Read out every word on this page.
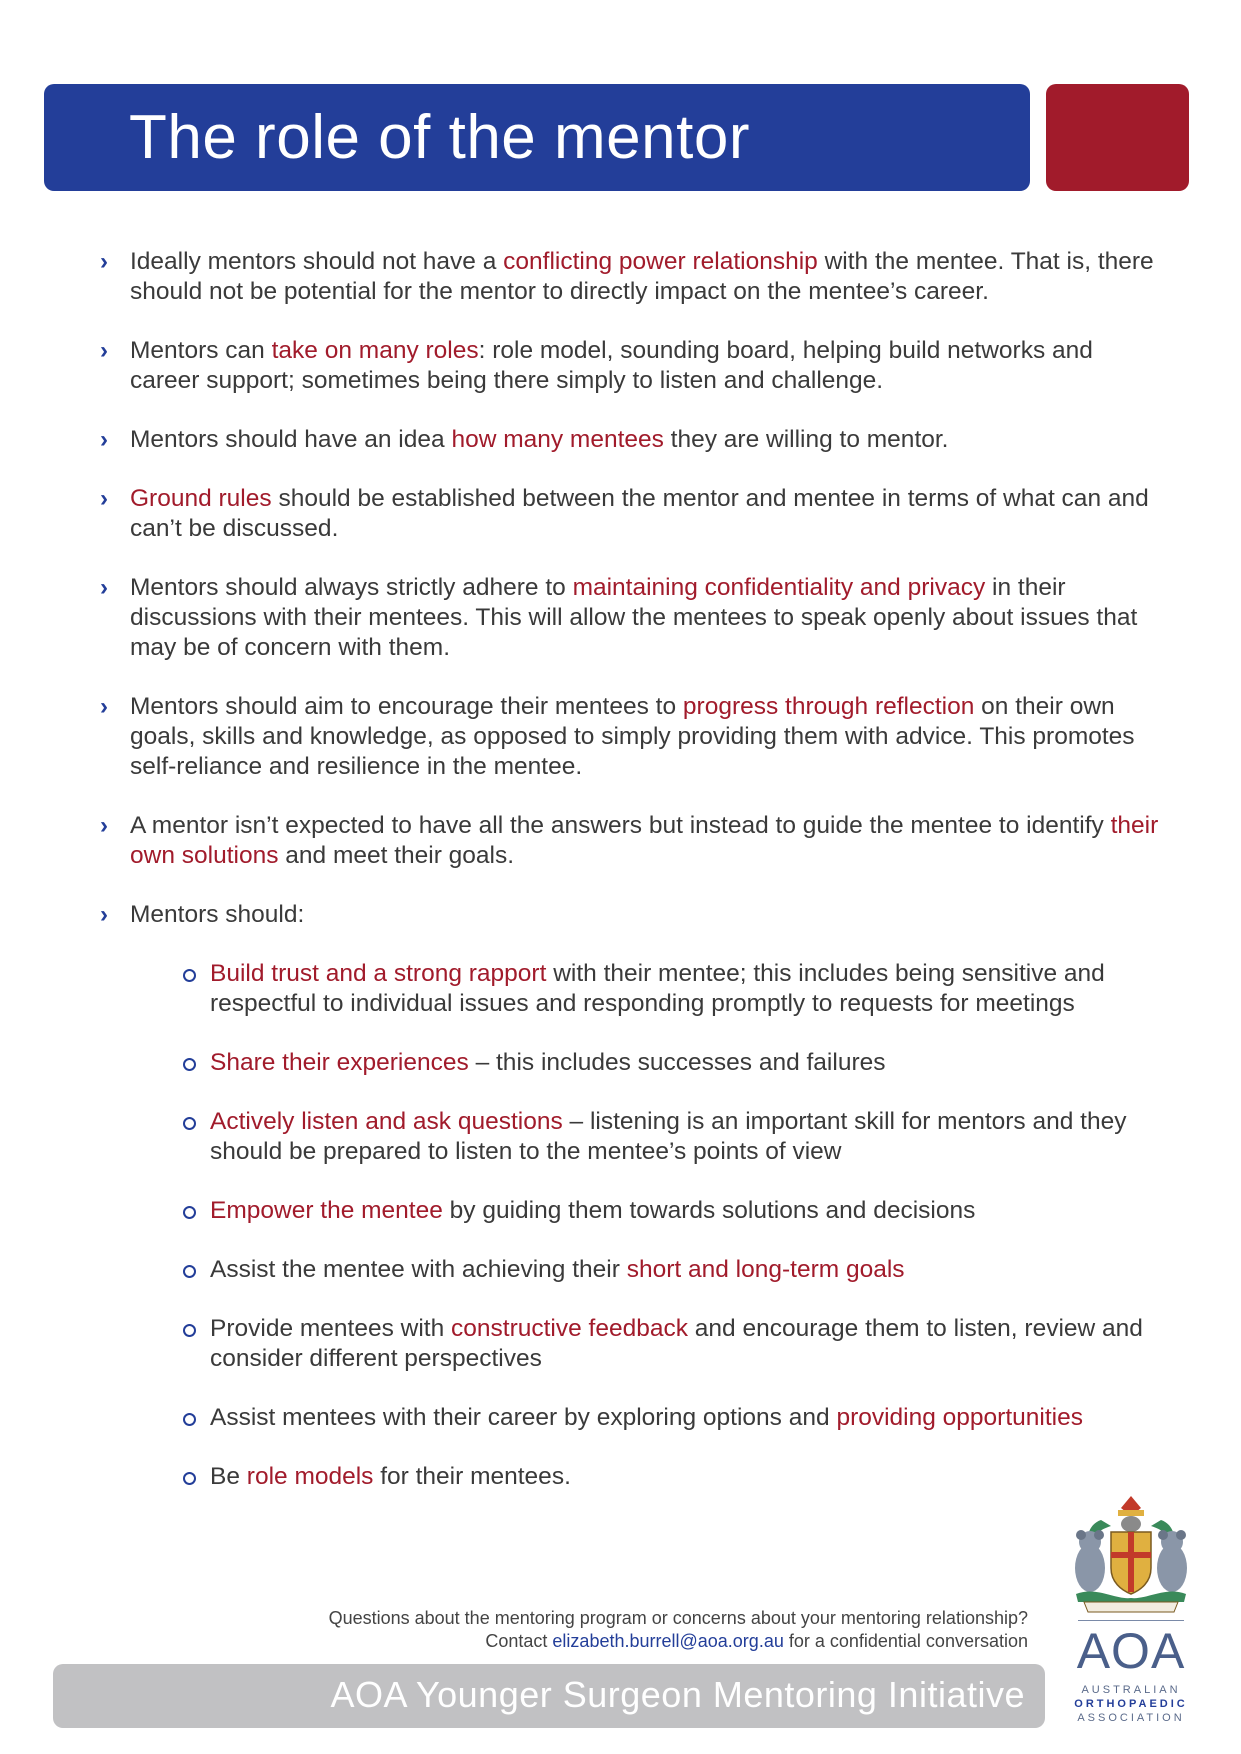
The role of the mentor
› Ideally mentors should not have a conflicting power relationship with the mentee. That is, there should not be potential for the mentor to directly impact on the mentee’s career.
› Mentors can take on many roles: role model, sounding board, helping build networks and career support; sometimes being there simply to listen and challenge.
› Mentors should have an idea how many mentees they are willing to mentor.
› Ground rules should be established between the mentor and mentee in terms of what can and can’t be discussed.
› Mentors should always strictly adhere to maintaining confidentiality and privacy in their discussions with their mentees. This will allow the mentees to speak openly about issues that may be of concern with them.
› Mentors should aim to encourage their mentees to progress through reflection on their own goals, skills and knowledge, as opposed to simply providing them with advice. This promotes self-reliance and resilience in the mentee.
› A mentor isn’t expected to have all the answers but instead to guide the mentee to identify their own solutions and meet their goals.
› Mentors should:
Build trust and a strong rapport with their mentee; this includes being sensitive and respectful to individual issues and responding promptly to requests for meetings
Share their experiences – this includes successes and failures
Actively listen and ask questions – listening is an important skill for mentors and they should be prepared to listen to the mentee’s points of view
Empower the mentee by guiding them towards solutions and decisions
Assist the mentee with achieving their short and long-term goals
Provide mentees with constructive feedback and encourage them to listen, review and consider different perspectives
Assist mentees with their career by exploring options and providing opportunities
Be role models for their mentees.
Questions about the mentoring program or concerns about your mentoring relationship?
Contact elizabeth.burrell@aoa.org.au for a confidential conversation
AOA Younger Surgeon Mentoring Initiative
AOA
AUSTRALIAN
ORTHOPAEDIC
ASSOCIATION
